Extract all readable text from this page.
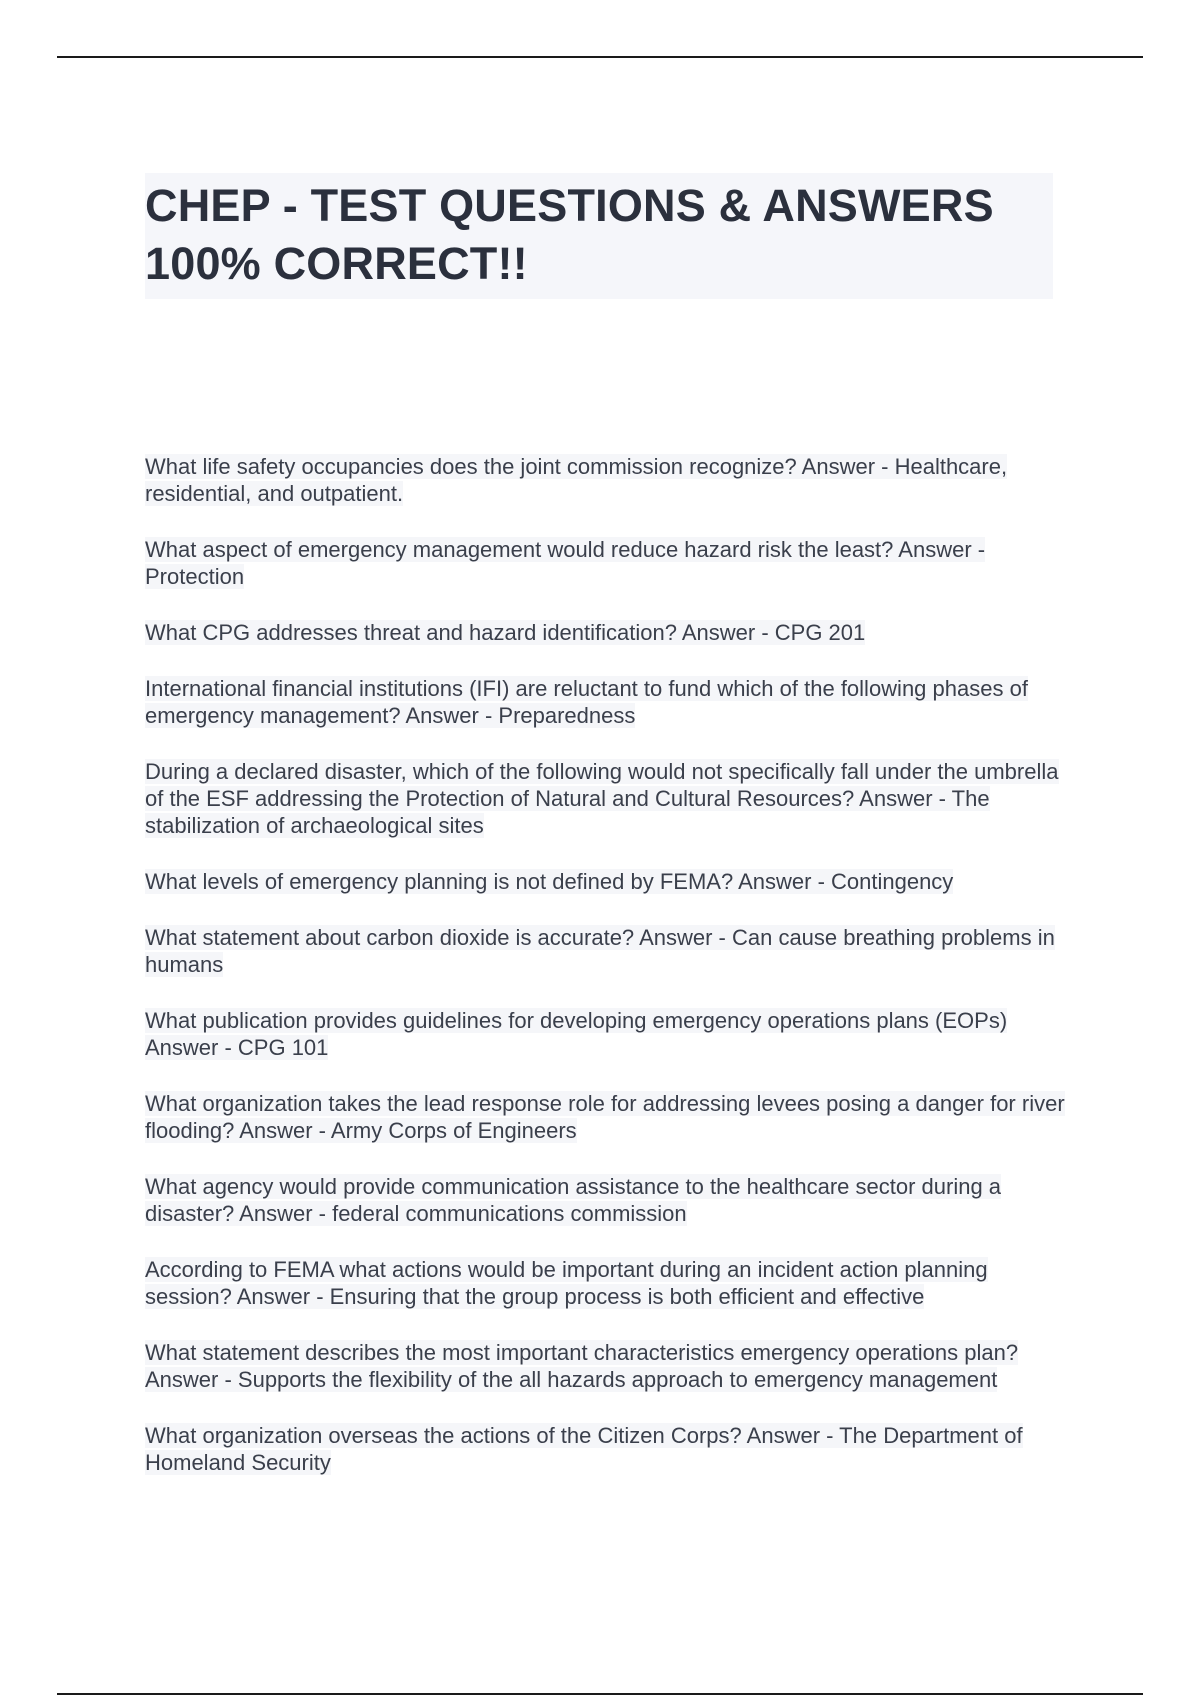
CHEP - TEST QUESTIONS & ANSWERS 100% CORRECT!!

What life safety occupancies does the joint commission recognize? Answer - Healthcare, residential, and outpatient.

What aspect of emergency management would reduce hazard risk the least? Answer - Protection

What CPG addresses threat and hazard identification? Answer - CPG 201

International financial institutions (IFI) are reluctant to fund which of the following phases of emergency management? Answer - Preparedness

During a declared disaster, which of the following would not specifically fall under the umbrella of the ESF addressing the Protection of Natural and Cultural Resources? Answer - The stabilization of archaeological sites

What levels of emergency planning is not defined by FEMA? Answer - Contingency

What statement about carbon dioxide is accurate? Answer - Can cause breathing problems in humans

What publication provides guidelines for developing emergency operations plans (EOPs) Answer - CPG 101

What organization takes the lead response role for addressing levees posing a danger for river flooding? Answer - Army Corps of Engineers

What agency would provide communication assistance to the healthcare sector during a disaster? Answer - federal communications commission

According to FEMA what actions would be important during an incident action planning session? Answer - Ensuring that the group process is both efficient and effective

What statement describes the most important characteristics emergency operations plan? Answer - Supports the flexibility of the all hazards approach to emergency management

What organization overseas the actions of the Citizen Corps? Answer - The Department of Homeland Security
